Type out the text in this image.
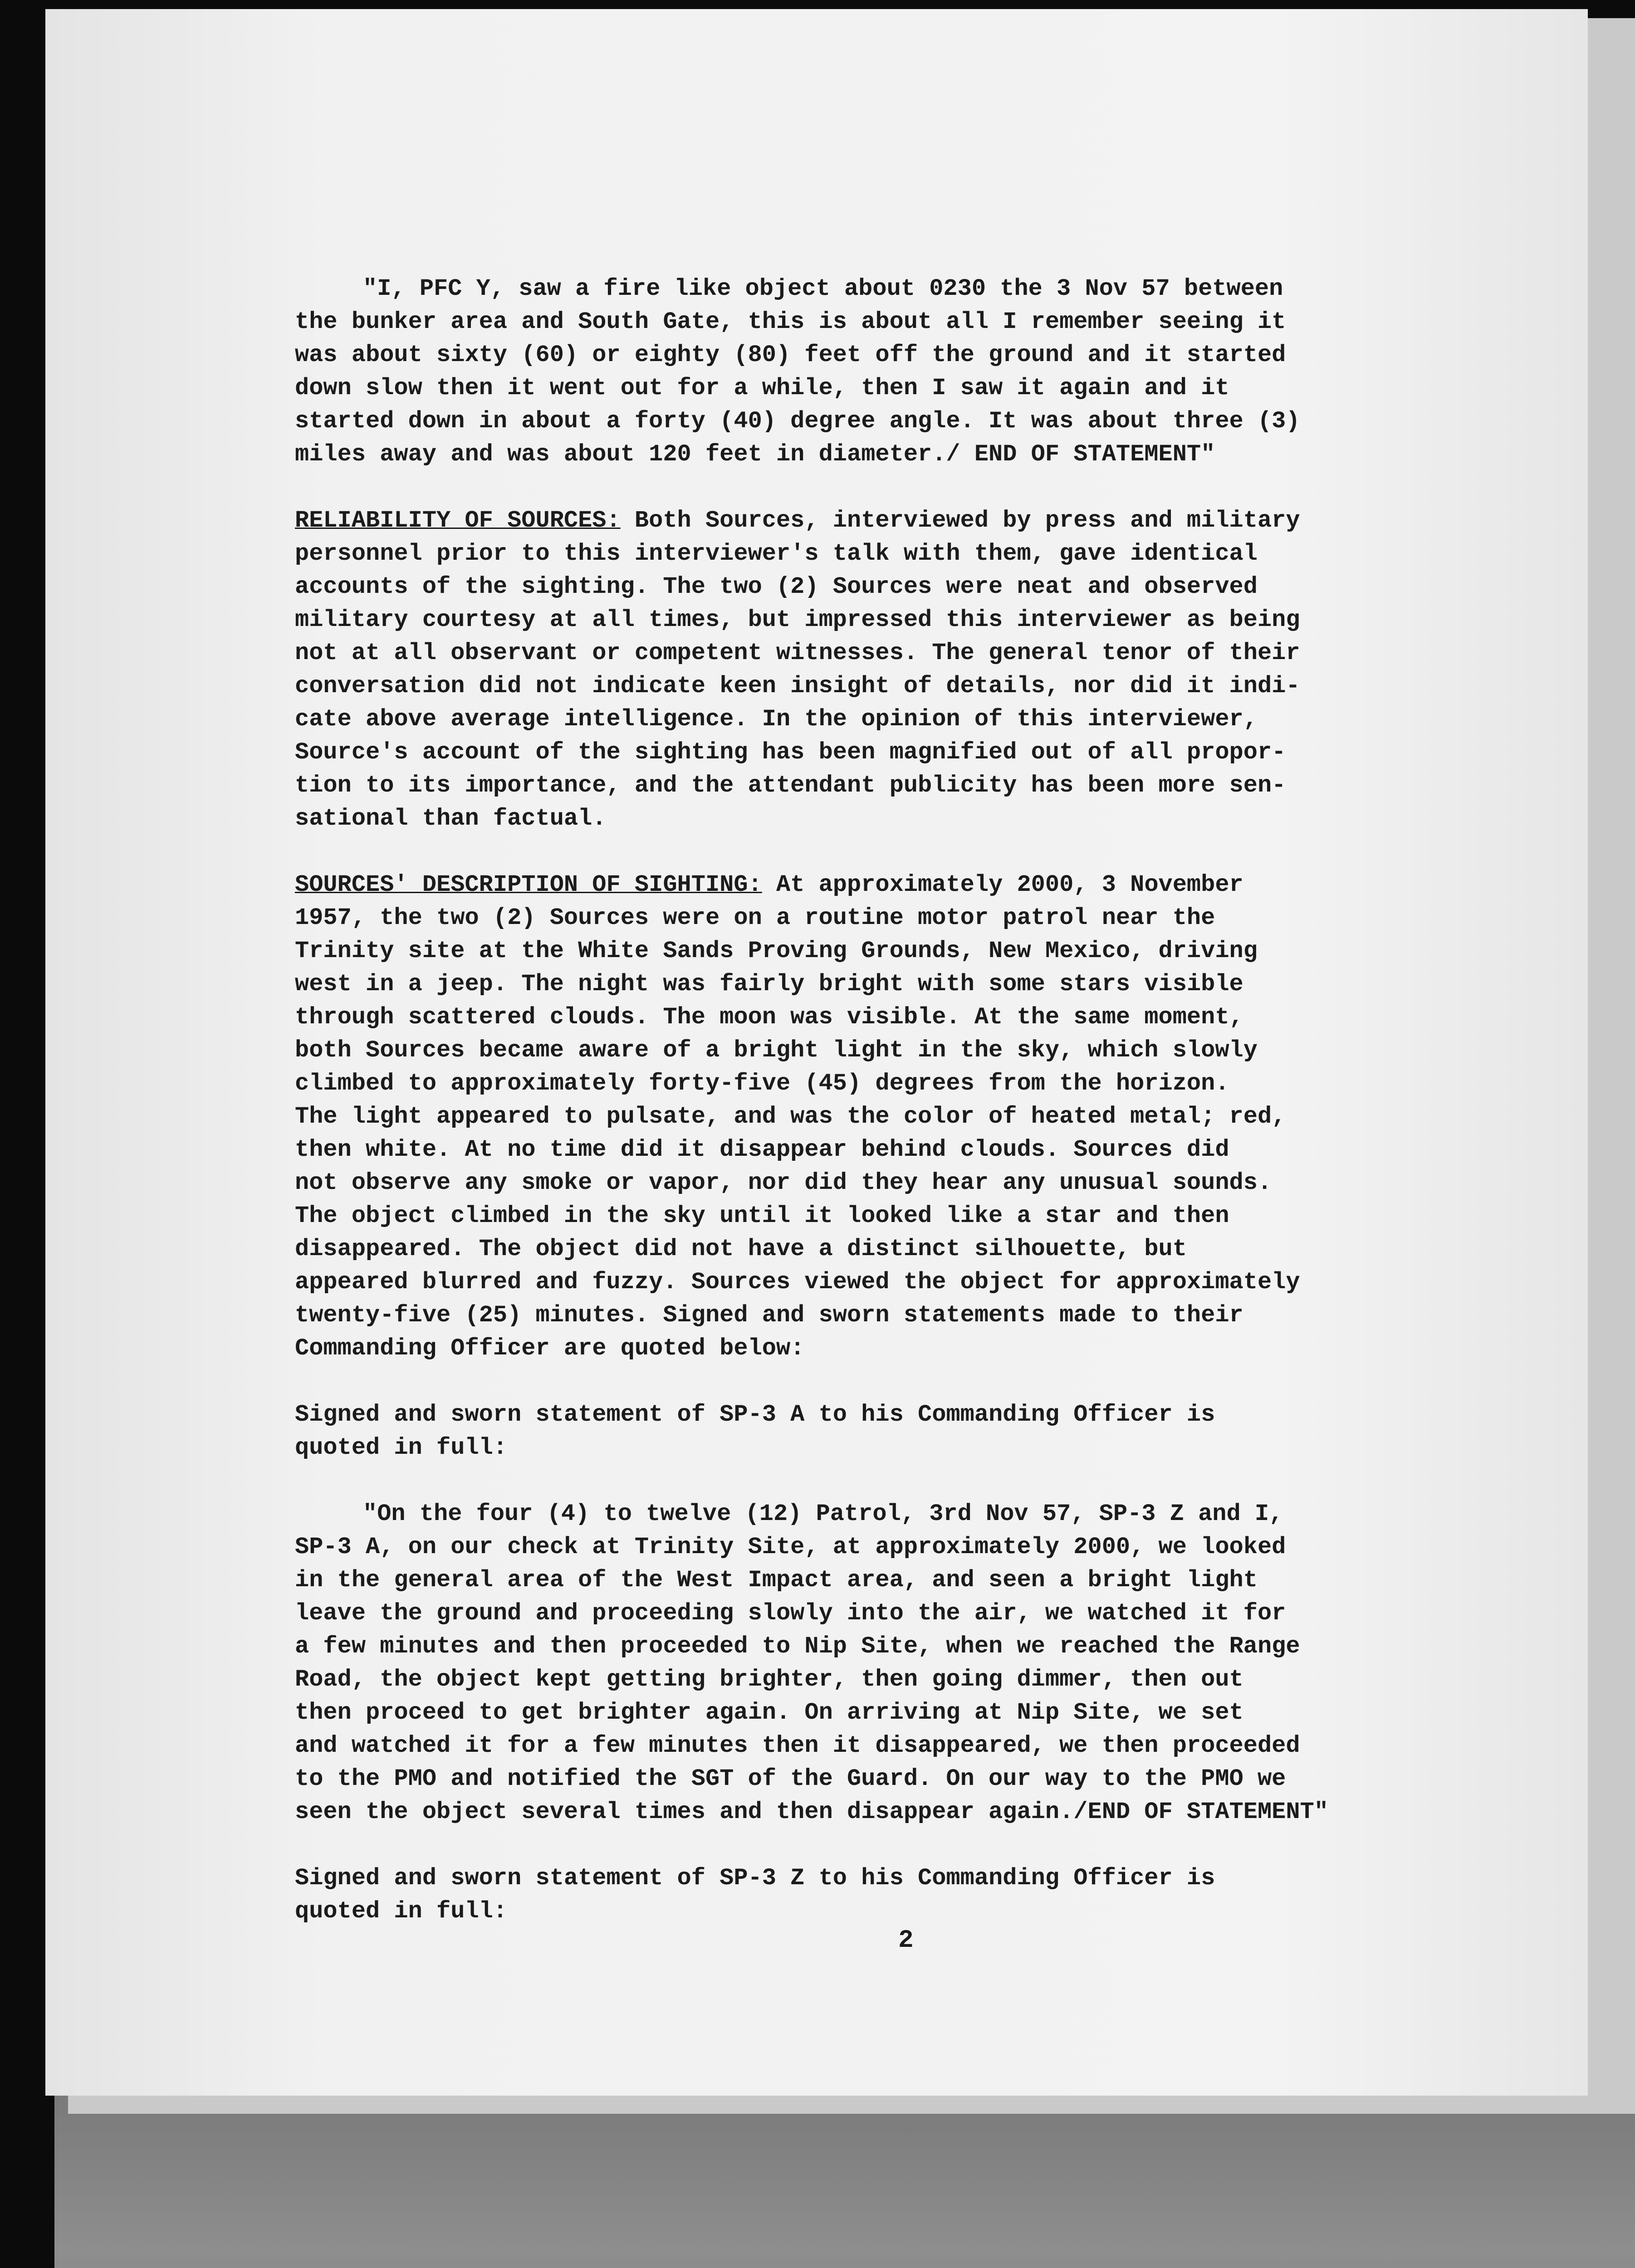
"I, PFC Y, saw a fire like object about 0230 the 3 Nov 57 between
the bunker area and South Gate, this is about all I remember seeing it
was about sixty (60) or eighty (80) feet off the ground and it started
down slow then it went out for a while, then I saw it again and it
started down in about a forty (40) degree angle. It was about three (3)
miles away and was about 120 feet in diameter./ END OF STATEMENT"

RELIABILITY OF SOURCES: Both Sources, interviewed by press and military
personnel prior to this interviewer's talk with them, gave identical
accounts of the sighting. The two (2) Sources were neat and observed
military courtesy at all times, but impressed this interviewer as being
not at all observant or competent witnesses. The general tenor of their
conversation did not indicate keen insight of details, nor did it indi-
cate above average intelligence. In the opinion of this interviewer,
Source's account of the sighting has been magnified out of all propor-
tion to its importance, and the attendant publicity has been more sen-
sational than factual.

SOURCES' DESCRIPTION OF SIGHTING: At approximately 2000, 3 November
1957, the two (2) Sources were on a routine motor patrol near the
Trinity site at the White Sands Proving Grounds, New Mexico, driving
west in a jeep. The night was fairly bright with some stars visible
through scattered clouds. The moon was visible. At the same moment,
both Sources became aware of a bright light in the sky, which slowly
climbed to approximately forty-five (45) degrees from the horizon.
The light appeared to pulsate, and was the color of heated metal; red,
then white. At no time did it disappear behind clouds. Sources did
not observe any smoke or vapor, nor did they hear any unusual sounds.
The object climbed in the sky until it looked like a star and then
disappeared. The object did not have a distinct silhouette, but
appeared blurred and fuzzy. Sources viewed the object for approximately
twenty-five (25) minutes. Signed and sworn statements made to their
Commanding Officer are quoted below:

Signed and sworn statement of SP-3 A to his Commanding Officer is
quoted in full:

"On the four (4) to twelve (12) Patrol, 3rd Nov 57, SP-3 Z and I,
SP-3 A, on our check at Trinity Site, at approximately 2000, we looked
in the general area of the West Impact area, and seen a bright light
leave the ground and proceeding slowly into the air, we watched it for
a few minutes and then proceeded to Nip Site, when we reached the Range
Road, the object kept getting brighter, then going dimmer, then out
then proceed to get brighter again. On arriving at Nip Site, we set
and watched it for a few minutes then it disappeared, we then proceeded
to the PMO and notified the SGT of the Guard. On our way to the PMO we
seen the object several times and then disappear again./END OF STATEMENT"

Signed and sworn statement of SP-3 Z to his Commanding Officer is
quoted in full:

2
